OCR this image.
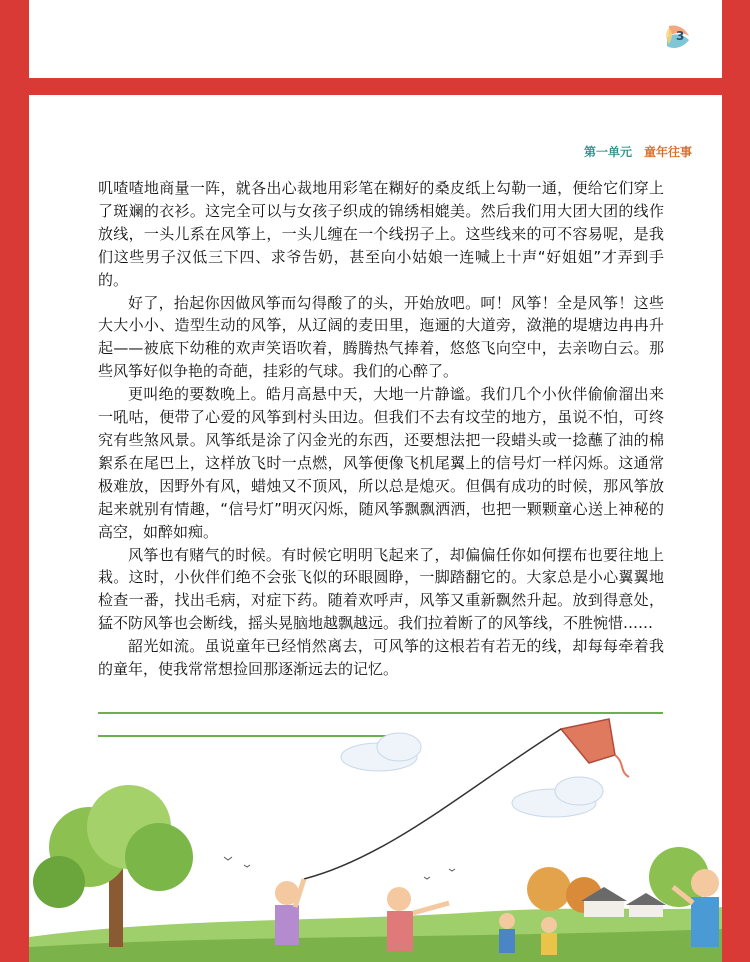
3
第一单元 童年往事

叽喳喳地商量一阵，就各出心裁地用彩笔在糊好的桑皮纸上勾勒一通，便给它们穿上了斑斓的衣衫。这完全可以与女孩子织成的锦绣相媲美。然后我们用大团大团的线作放线，一头儿系在风筝上，一头儿缠在一个线拐子上。这些线来的可不容易呢，是我们这些男子汉低三下四、求爷告奶，甚至向小姑娘一连喊上十声“好姐姐”才弄到手的。

好了，抬起你因做风筝而勾得酸了的头，开始放吧。呵！风筝！全是风筝！这些大大小小、造型生动的风筝，从辽阔的麦田里，迤逦的大道旁，潋滟的堤塘边冉冉升起——被底下幼稚的欢声笑语吹着，腾腾热气捧着，悠悠飞向空中，去亲吻白云。那些风筝好似争艳的奇葩，挂彩的气球。我们的心醉了。

更叫绝的要数晚上。皓月高悬中天，大地一片静谧。我们几个小伙伴偷偷溜出来一吼咕，便带了心爱的风筝到村头田边。但我们不去有坟茔的地方，虽说不怕，可终究有些煞风景。风筝纸是涂了闪金光的东西，还要想法把一段蜡头或一捻蘸了油的棉絮系在尾巴上，这样放飞时一点燃，风筝便像飞机尾翼上的信号灯一样闪烁。这通常极难放，因野外有风，蜡烛又不顶风，所以总是熄灭。但偶有成功的时候，那风筝放起来就别有情趣，“信号灯”明灭闪烁，随风筝飘飘洒洒，也把一颗颗童心送上神秘的高空，如醉如痴。

风筝也有赌气的时候。有时候它明明飞起来了，却偏偏任你如何摆布也要往地上栽。这时，小伙伴们绝不会张飞似的环眼圆睁，一脚踏翻它的。大家总是小心翼翼地检查一番，找出毛病，对症下药。随着欢呼声，风筝又重新飘然升起。放到得意处，猛不防风筝也会断线，摇头晃脑地越飘越远。我们拉着断了的风筝线，不胜惋惜……

韶光如流。虽说童年已经悄然离去，可风筝的这根若有若无的线，却每每牵着我的童年，使我常常想捡回那逐渐远去的记忆。
